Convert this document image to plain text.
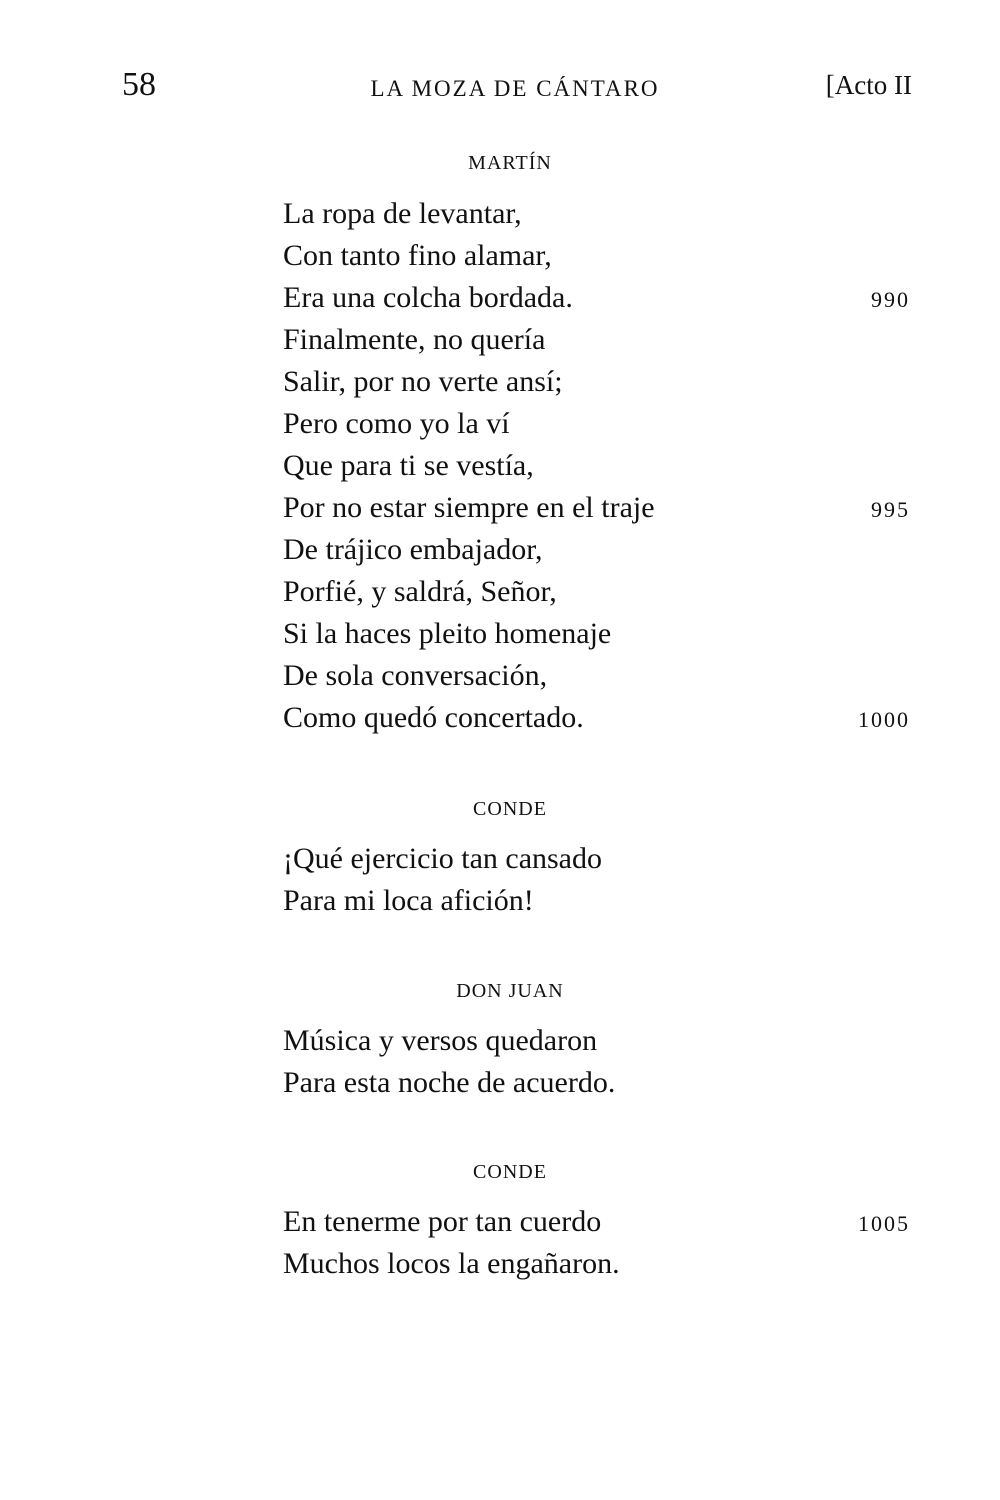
58	LA MOZA DE CÁNTARO	[Acto II
MARTÍN
La ropa de levantar,
Con tanto fino alamar,
Era una colcha bordada.	990
Finalmente, no quería
Salir, por no verte ansí;
Pero como yo la ví
Que para ti se vestía,
Por no estar siempre en el traje	995
De trájico embajador,
Porfié, y saldrá, Señor,
Si la haces pleito homenaje
De sola conversación,
Como quedó concertado.	1000
CONDE
¡Qué ejercicio tan cansado
Para mi loca afición!
DON JUAN
Música y versos quedaron
Para esta noche de acuerdo.
CONDE
En tenerme por tan cuerdo	1005
Muchos locos la engañaron.
